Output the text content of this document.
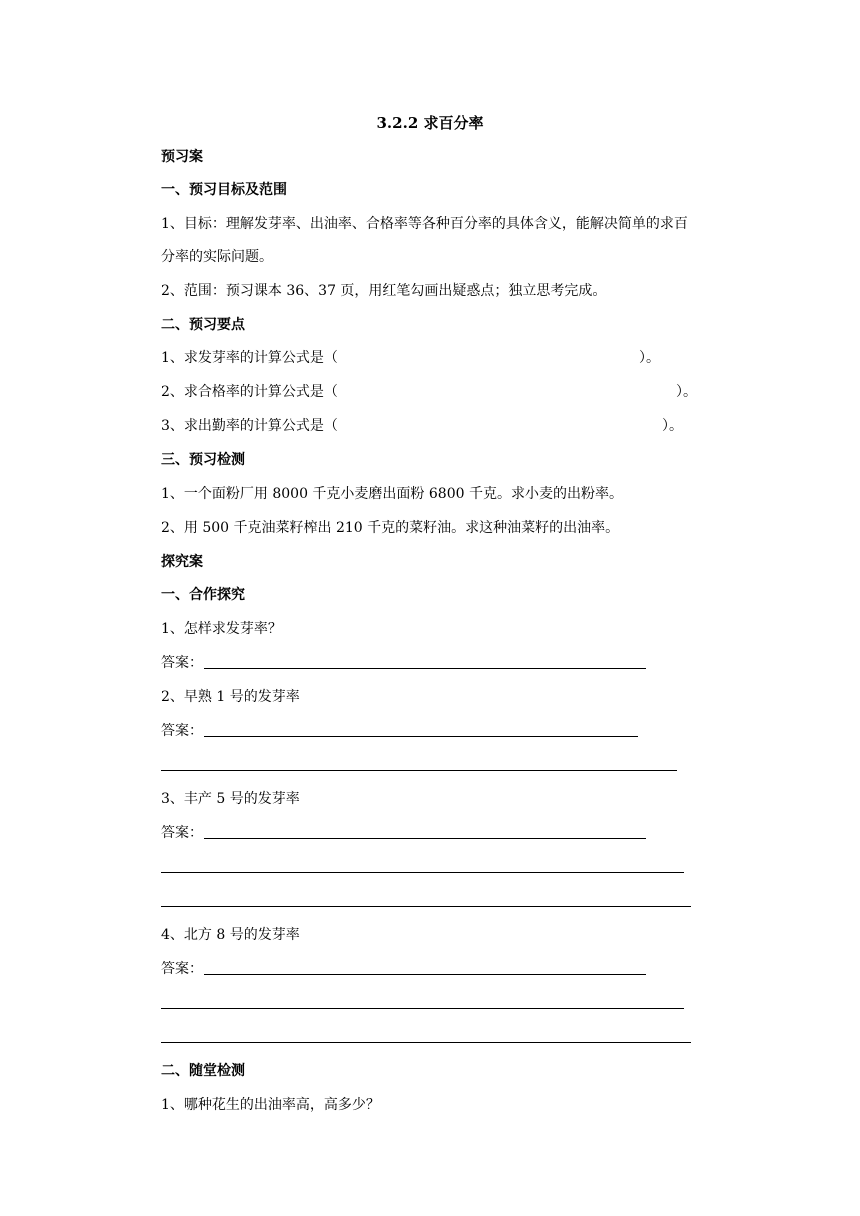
3.2.2 求百分率
预习案
一、预习目标及范围
1、目标：理解发芽率、出油率、合格率等各种百分率的具体含义，能解决简单的求百
分率的实际问题。
2、范围：预习课本 36、37 页，用红笔勾画出疑惑点；独立思考完成。
二、预习要点
1、求发芽率的计算公式是（	）。
2、求合格率的计算公式是（	）。
3、求出勤率的计算公式是（	）。
三、预习检测
1、一个面粉厂用 8000 千克小麦磨出面粉 6800 千克。求小麦的出粉率。
2、用 500 千克油菜籽榨出 210 千克的菜籽油。求这种油菜籽的出油率。
探究案
一、合作探究
1、怎样求发芽率？
答案：
2、早熟 1 号的发芽率
答案：
3、丰产 5 号的发芽率
答案：
4、北方 8 号的发芽率
答案：
二、随堂检测
1、哪种花生的出油率高，高多少？
